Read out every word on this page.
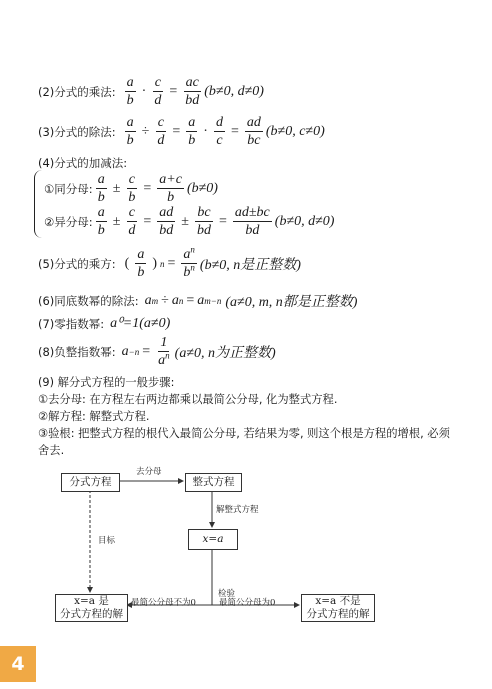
(2)分式的乘法: $\frac{a}{b} \cdot \frac{c}{d} = \frac{ac}{bd} (b\ne 0$, d≠0)
(3)分式的除法: $\frac{a}{b} \div \frac{c}{d} = \frac{a}{b} \cdot \frac{d}{c} = \frac{ad}{bc} (b\ne 0$, c≠0)
(4)分式的加减法:
①同分母: $\frac{a}{b} \pm \frac{c}{b} = \frac{a+c}{b} (b\ne 0)$
②异分母: $\frac{a}{b} \pm \frac{c}{d} = \frac{ad}{bd} \pm \frac{bc}{bd} = \frac{ad\pm bc}{bd} (b\ne 0$, d≠0)
(5)分式的乘方: ( $\frac{a}{b}$ ) $n = \frac{a^n}{b^n} (b\ne 0$, n是正整数)
(6)同底数幂的除法: a m ÷ a n = a m−n (a≠0, m, n都是正整数)
(7)零指数幂: a⁰=1(a≠0)
(8)负整指数幂: $a -n = \frac{1}{a^n} (a\ne 0$, n为正整数)
(9) 解分式方程的一般步骤:
①去分母: 在方程左右两边都乘以最简公分母, 化为整式方程.
②解方程: 解整式方程.
③验根: 把整式方程的根代入最简公分母, 若结果为零, 则这个根是方程的增根, 必须舍去.
分式方程	整式方程
x=a
x=a 是
分式方程的解
x=a 不是
分式方程的解
去分母
解整式方程
目标
检验
最简公分母不为0	最简公分母为0
4
